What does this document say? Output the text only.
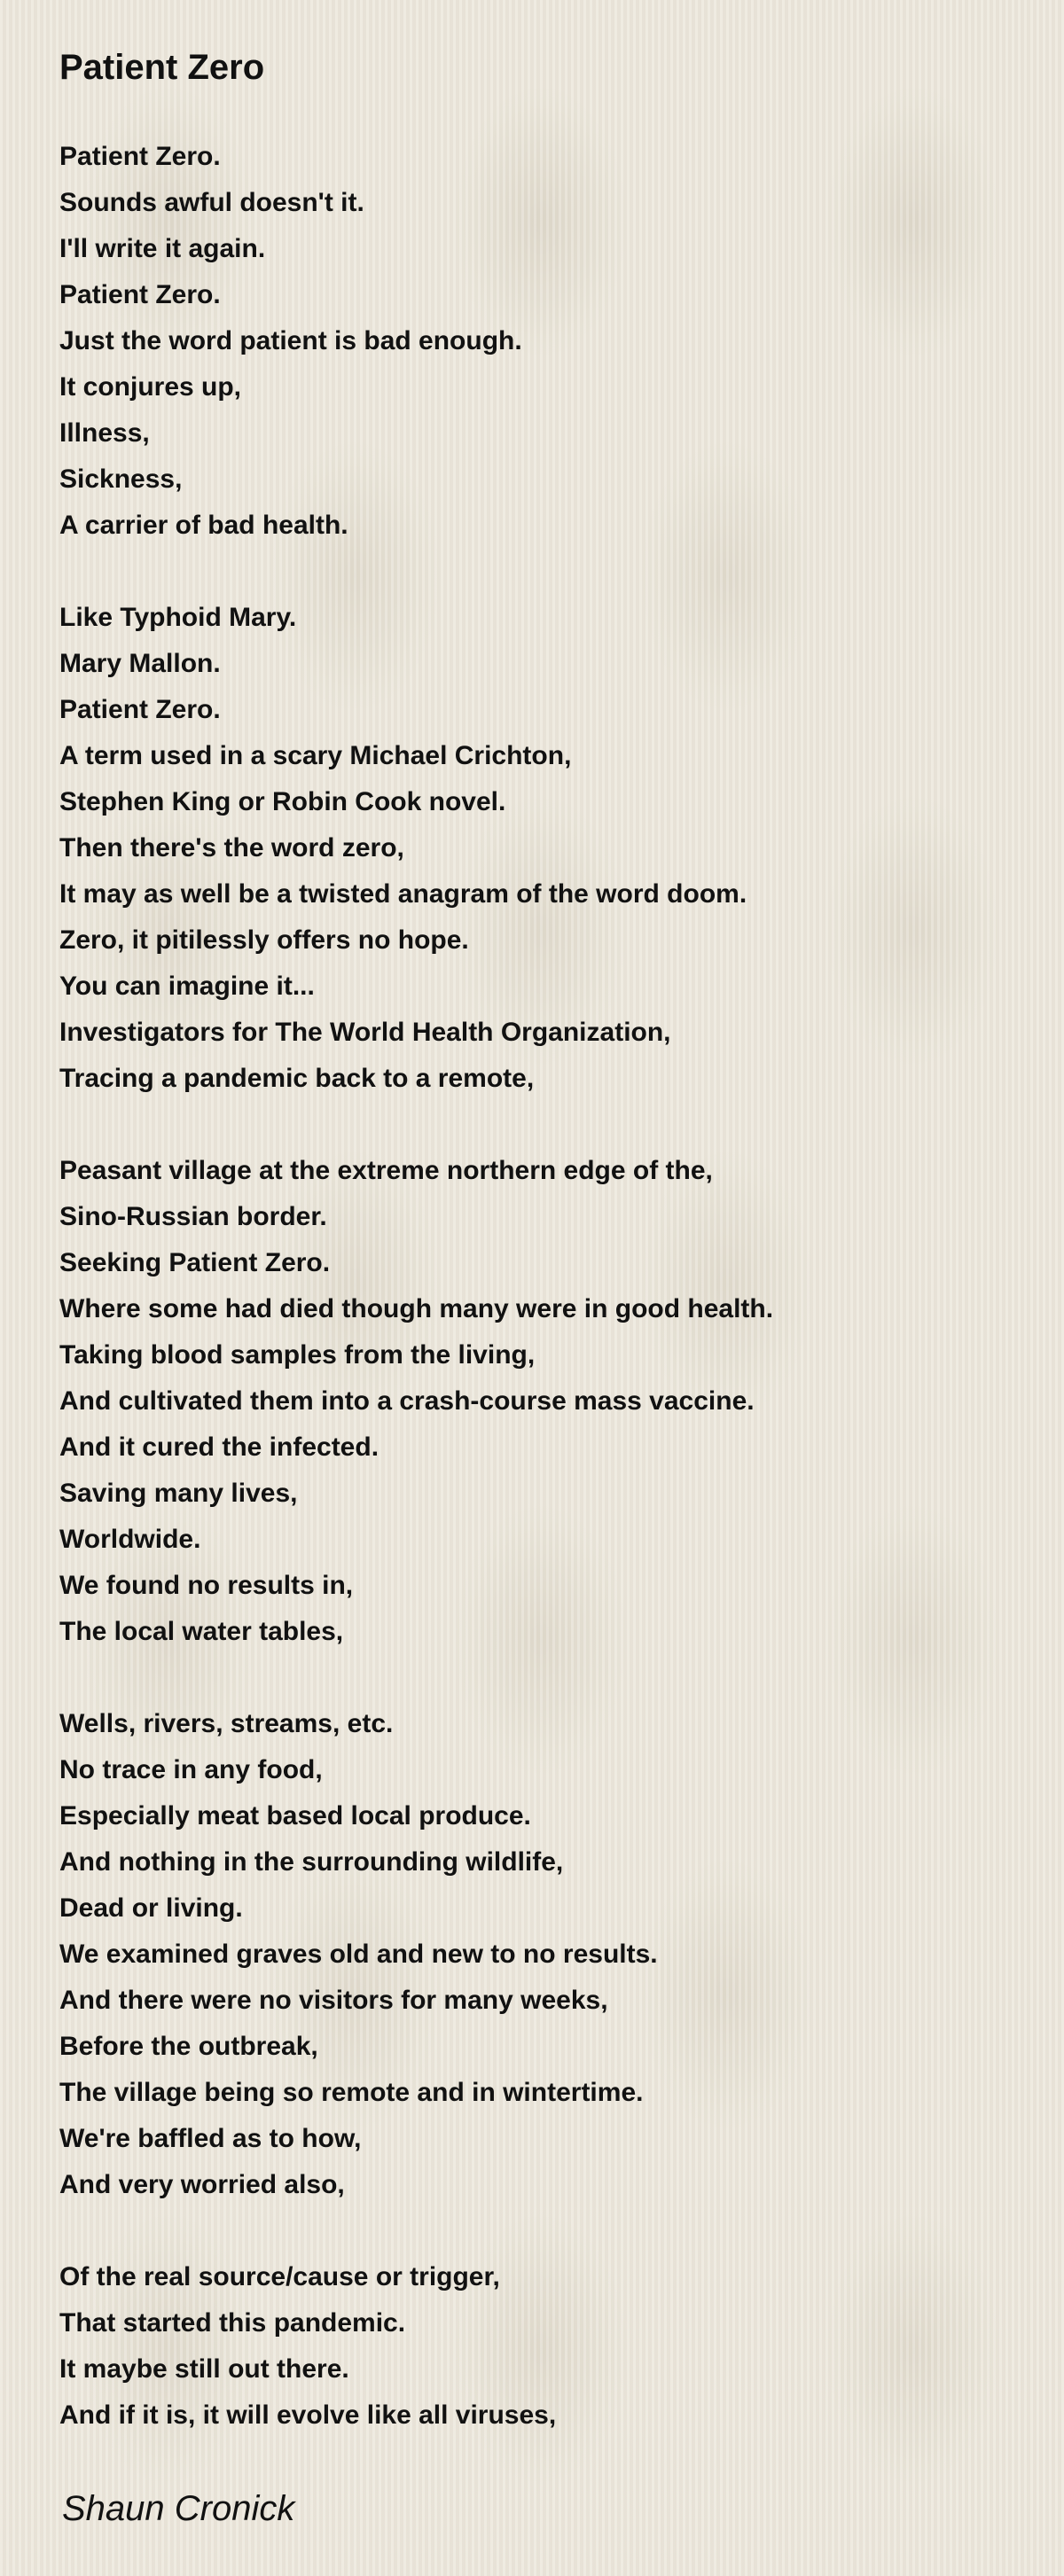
Patient Zero
Patient Zero.
Sounds awful doesn't it.
I'll write it again.
Patient Zero.
Just the word patient is bad enough.
It conjures up,
Illness,
Sickness,
A carrier of bad health.
Like Typhoid Mary.
Mary Mallon.
Patient Zero.
A term used in a scary Michael Crichton,
Stephen King or Robin Cook novel.
Then there's the word zero,
It may as well be a twisted anagram of the word doom.
Zero, it pitilessly offers no hope.
You can imagine it...
Investigators for The World Health Organization,
Tracing a pandemic back to a remote,
Peasant village at the extreme northern edge of the,
Sino-Russian border.
Seeking Patient Zero.
Where some had died though many were in good health.
Taking blood samples from the living,
And cultivated them into a crash-course mass vaccine.
And it cured the infected.
Saving many lives,
Worldwide.
We found no results in,
The local water tables,
Wells, rivers, streams, etc.
No trace in any food,
Especially meat based local produce.
And nothing in the surrounding wildlife,
Dead or living.
We examined graves old and new to no results.
And there were no visitors for many weeks,
Before the outbreak,
The village being so remote and in wintertime.
We're baffled as to how,
And very worried also,
Of the real source/cause or trigger,
That started this pandemic.
It maybe still out there.
And if it is, it will evolve like all viruses,
Shaun Cronick
